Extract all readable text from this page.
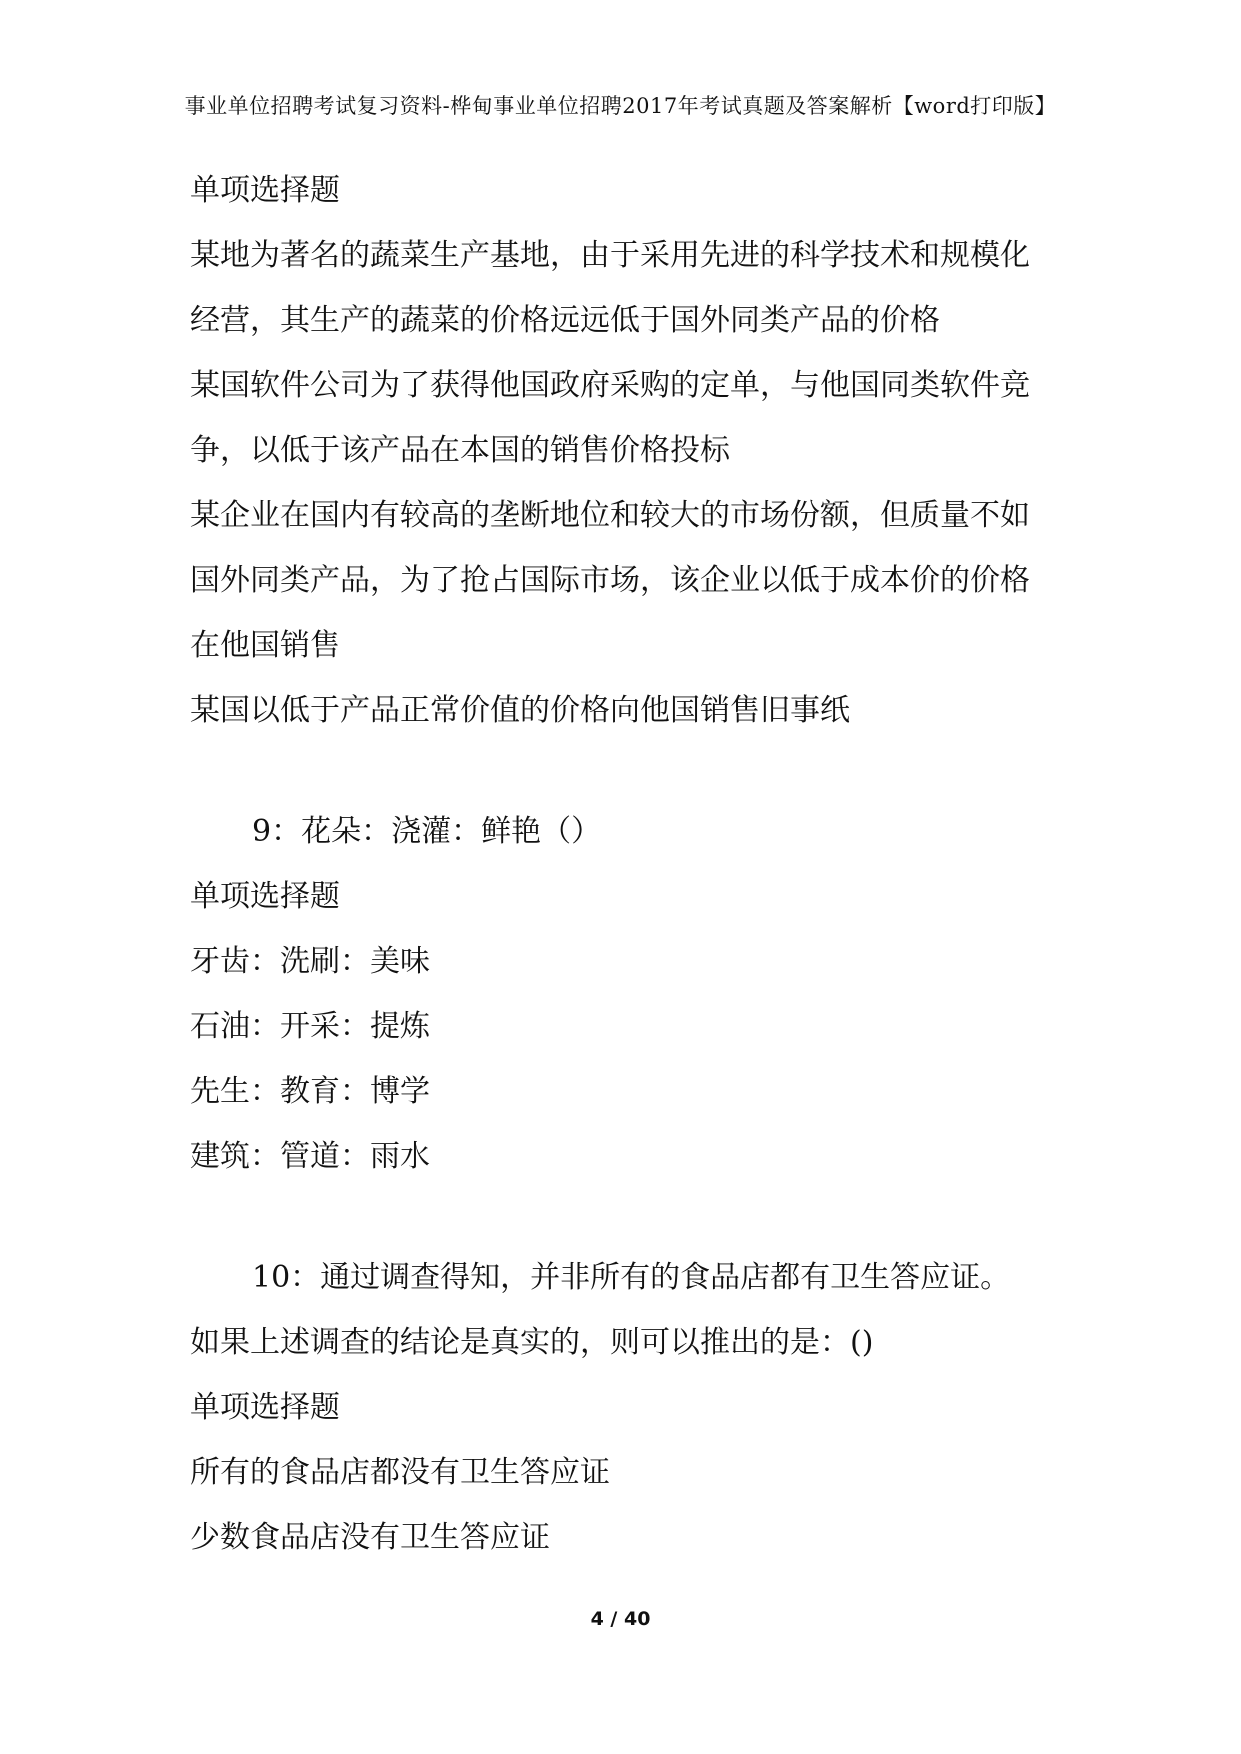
事业单位招聘考试复习资料-桦甸事业单位招聘2017年考试真题及答案解析【word打印版】
单项选择题
某地为著名的蔬菜生产基地，由于采用先进的科学技术和规模化
经营，其生产的蔬菜的价格远远低于国外同类产品的价格
某国软件公司为了获得他国政府采购的定单，与他国同类软件竞
争，以低于该产品在本国的销售价格投标
某企业在国内有较高的垄断地位和较大的市场份额，但质量不如
国外同类产品，为了抢占国际市场，该企业以低于成本价的价格
在他国销售
某国以低于产品正常价值的价格向他国销售旧事纸
9：花朵：浇灌：鲜艳（）
单项选择题
牙齿：洗刷：美味
石油：开采：提炼
先生：教育：博学
建筑：管道：雨水
10：通过调查得知，并非所有的食品店都有卫生答应证。
如果上述调查的结论是真实的，则可以推出的是：()
单项选择题
所有的食品店都没有卫生答应证
少数食品店没有卫生答应证
4 / 40
